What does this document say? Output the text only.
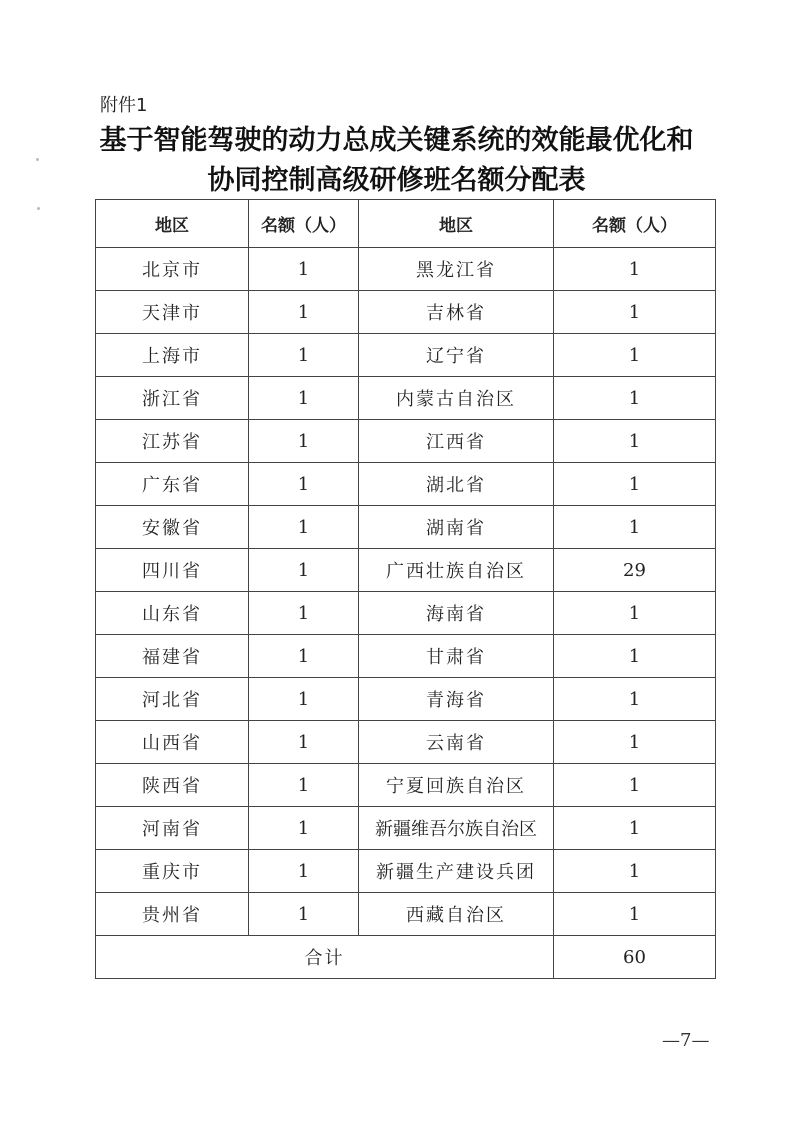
附件1
基于智能驾驶的动力总成关键系统的效能最优化和
协同控制高级研修班名额分配表
地区	名额（人）	地区	名额（人）
北京市	1	黑龙江省	1
天津市	1	吉林省	1
上海市	1	辽宁省	1
浙江省	1	内蒙古自治区	1
江苏省	1	江西省	1
广东省	1	湖北省	1
安徽省	1	湖南省	1
四川省	1	广西壮族自治区	29
山东省	1	海南省	1
福建省	1	甘肃省	1
河北省	1	青海省	1
山西省	1	云南省	1
陕西省	1	宁夏回族自治区	1
河南省	1	新疆维吾尔族自治区	1
重庆市	1	新疆生产建设兵团	1
贵州省	1	西藏自治区	1
合计			60
—7—
